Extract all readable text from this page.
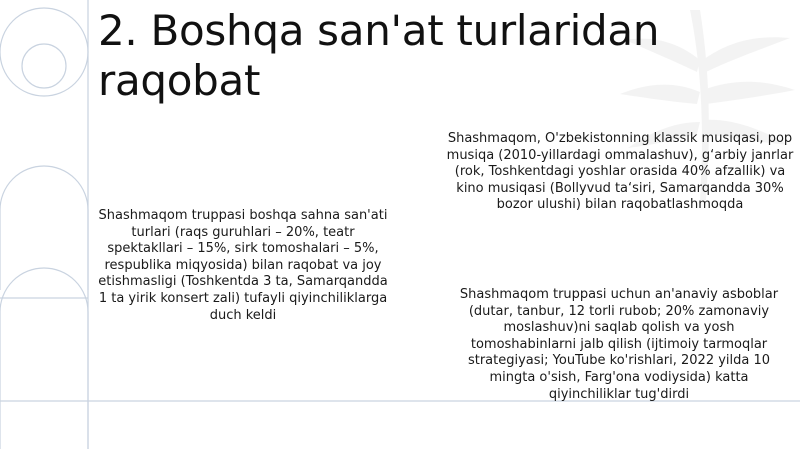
2. Boshqa san'at turlaridan raqobat

Shashmaqom truppasi boshqa sahna san'ati turlari (raqs guruhlari – 20%, teatr spektakllari – 15%, sirk tomoshalari – 5%, respublika miqyosida) bilan raqobat va joy etishmasligi (Toshkentda 3 ta, Samarqandda 1 ta yirik konsert zali) tufayli qiyinchiliklarga duch keldi

Shashmaqom, O'zbekistonning klassik musiqasi, pop musiqa (2010-yillardagi ommalashuv), g‘arbiy janrlar (rok, Toshkentdagi yoshlar orasida 40% afzallik) va kino musiqasi (Bollyvud ta‘siri, Samarqandda 30% bozor ulushi) bilan raqobatlashmoqda

Shashmaqom truppasi uchun an'anaviy asboblar (dutar, tanbur, 12 torli rubob; 20% zamonaviy moslashuv)ni saqlab qolish va yosh tomoshabinlarni jalb qilish (ijtimoiy tarmoqlar strategiyasi; YouTube ko'rishlari, 2022 yilda 10 mingta o'sish, Farg'ona vodiysida) katta qiyinchiliklar tug'dirdi
